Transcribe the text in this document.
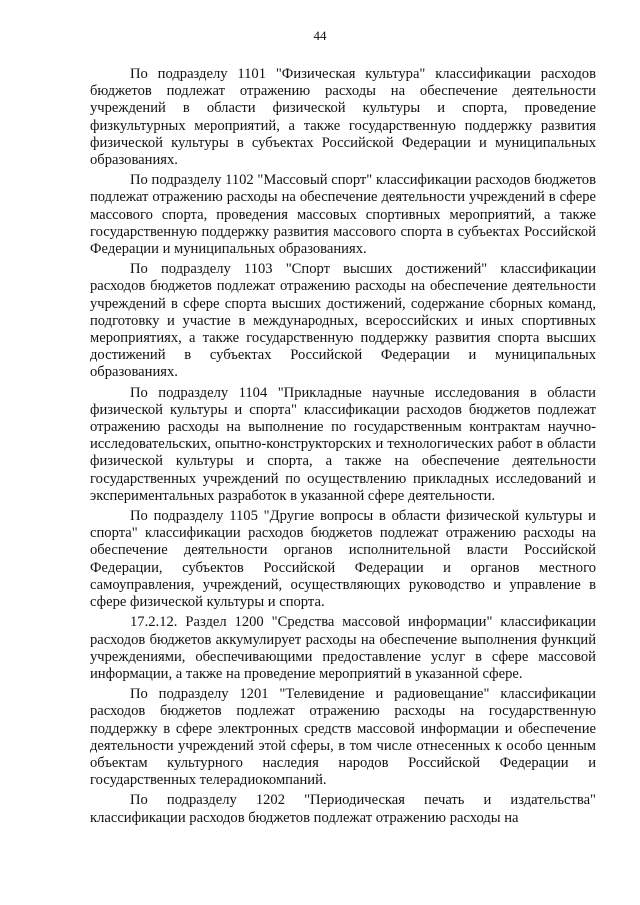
44

По подразделу 1101 "Физическая культура" классификации расходов бюджетов подлежат отражению расходы на обеспечение деятельности учреждений в области физической культуры и спорта, проведение физкультурных мероприятий, а также государственную поддержку развития физической культуры в субъектах Российской Федерации и муниципальных образованиях.

По подразделу 1102 "Массовый спорт" классификации расходов бюджетов подлежат отражению расходы на обеспечение деятельности учреждений в сфере массового спорта, проведения массовых спортивных мероприятий, а также государственную поддержку развития массового спорта в субъектах Российской Федерации и муниципальных образованиях.

По подразделу 1103 "Спорт высших достижений" классификации расходов бюджетов подлежат отражению расходы на обеспечение деятельности учреждений в сфере спорта высших достижений, содержание сборных команд, подготовку и участие в международных, всероссийских и иных спортивных мероприятиях, а также государственную поддержку развития спорта высших достижений в субъектах Российской Федерации и муниципальных образованиях.

По подразделу 1104 "Прикладные научные исследования в области физической культуры и спорта" классификации расходов бюджетов подлежат отражению расходы на выполнение по государственным контрактам научно-исследовательских, опытно-конструкторских и технологических работ в области физической культуры и спорта, а также на обеспечение деятельности государственных учреждений по осуществлению прикладных исследований и экспериментальных разработок в указанной сфере деятельности.

По подразделу 1105 "Другие вопросы в области физической культуры и спорта" классификации расходов бюджетов подлежат отражению расходы на обеспечение деятельности органов исполнительной власти Российской Федерации, субъектов Российской Федерации и органов местного самоуправления, учреждений, осуществляющих руководство и управление в сфере физической культуры и спорта.

17.2.12. Раздел 1200 "Средства массовой информации" классификации расходов бюджетов аккумулирует расходы на обеспечение выполнения функций учреждениями, обеспечивающими предоставление услуг в сфере массовой информации, а также на проведение мероприятий в указанной сфере.

По подразделу 1201 "Телевидение и радиовещание" классификации расходов бюджетов подлежат отражению расходы на государственную поддержку в сфере электронных средств массовой информации и обеспечение деятельности учреждений этой сферы, в том числе отнесенных к особо ценным объектам культурного наследия народов Российской Федерации и государственных телерадиокомпаний.

По подразделу 1202 "Периодическая печать и издательства" классификации расходов бюджетов подлежат отражению расходы на
